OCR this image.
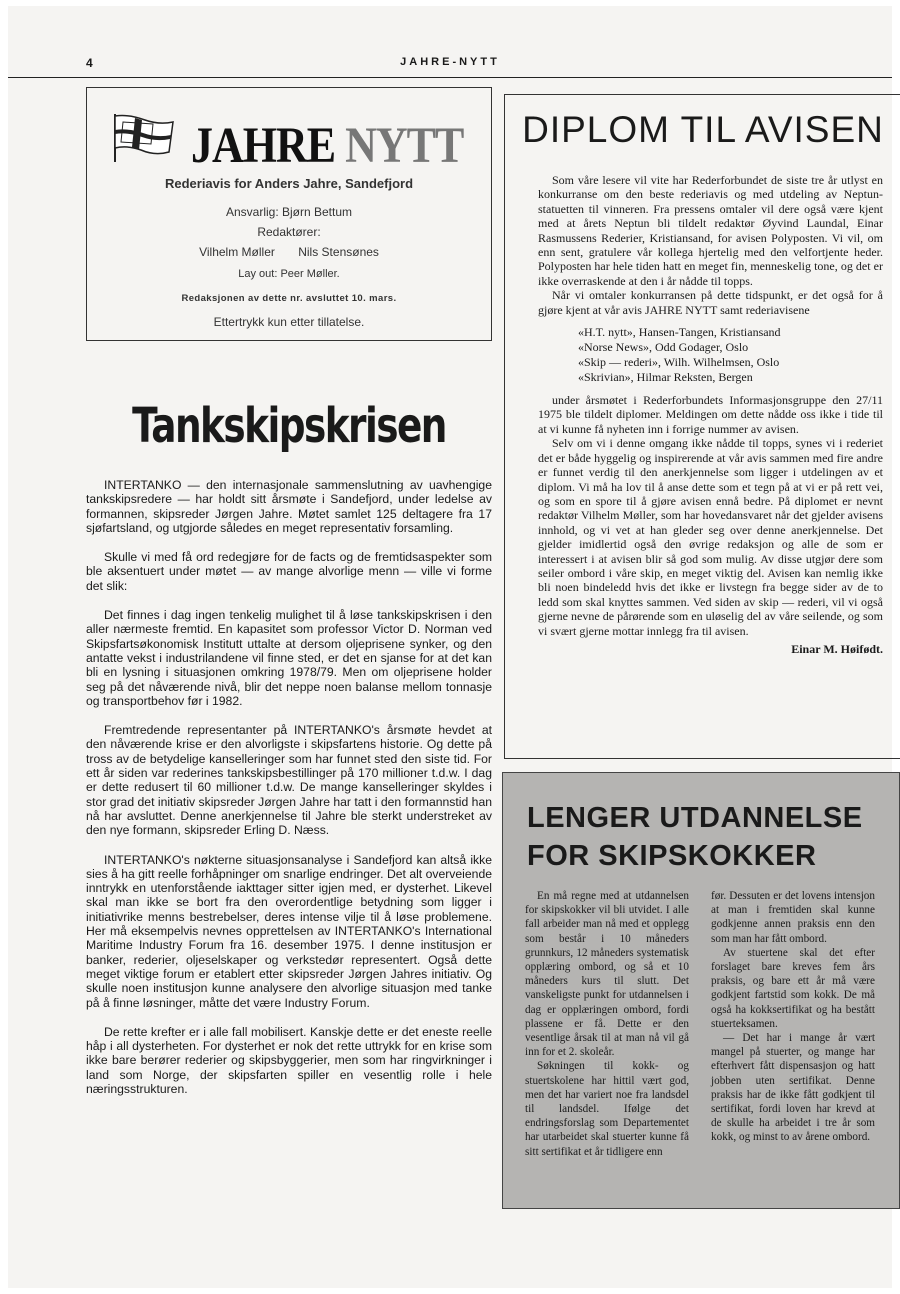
4	JAHRE-NYTT
JAHRE NYTT
Rederiavis for Anders Jahre, Sandefjord
Ansvarlig: Bjørn Bettum
Redaktører:
Vilhelm Møller Nils Stensønes
Lay out: Peer Møller.
Redaksjonen av dette nr. avsluttet 10. mars.
Ettertrykk kun etter tillatelse.
Tankskipskrisen

INTERTANKO — den internasjonale sammenslutning av uavhengige tankskipsredere — har holdt sitt årsmøte i Sandefjord, under ledelse av formannen, skipsreder Jørgen Jahre. Møtet samlet 125 deltagere fra 17 sjøfartsland, og utgjorde således en meget representativ forsamling.

Skulle vi med få ord redegjøre for de facts og de fremtidsaspekter som ble aksentuert under møtet — av mange alvorlige menn — ville vi forme det slik:

Det finnes i dag ingen tenkelig mulighet til å løse tankskipskrisen i den aller nærmeste fremtid. En kapasitet som professor Victor D. Norman ved Skipsfartsøkonomisk Institutt uttalte at dersom oljeprisene synker, og den antatte vekst i industrilandene vil finne sted, er det en sjanse for at det kan bli en lysning i situasjonen omkring 1978/79. Men om oljeprisene holder seg på det nåværende nivå, blir det neppe noen balanse mellom tonnasje og transportbehov før i 1982.

Fremtredende representanter på INTERTANKO's årsmøte hevdet at den nåværende krise er den alvorligste i skipsfartens historie. Og dette på tross av de betydelige kanselleringer som har funnet sted den siste tid. For ett år siden var rederines tankskipsbestillinger på 170 millioner t.d.w. I dag er dette redusert til 60 millioner t.d.w. De mange kanselleringer skyldes i stor grad det initiativ skipsreder Jørgen Jahre har tatt i den formannstid han nå har avsluttet. Denne anerkjennelse til Jahre ble sterkt understreket av den nye formann, skipsreder Erling D. Næss.

INTERTANKO's nøkterne situasjonsanalyse i Sandefjord kan altså ikke sies å ha gitt reelle forhåpninger om snarlige endringer. Det alt overveiende inntrykk en utenforstående iakttager sitter igjen med, er dysterhet. Likevel skal man ikke se bort fra den overordentlige betydning som ligger i initiativrike menns bestrebelser, deres intense vilje til å løse problemene. Her må eksempelvis nevnes opprettelsen av INTERTANKO's International Maritime Industry Forum fra 16. desember 1975. I denne institusjon er banker, rederier, oljeselskaper og verkstedør representert. Også dette meget viktige forum er etablert etter skipsreder Jørgen Jahres initiativ. Og skulle noen institusjon kunne analysere den alvorlige situasjon med tanke på å finne løsninger, måtte det være Industry Forum.

De rette krefter er i alle fall mobilisert. Kanskje dette er det eneste reelle håp i all dysterheten. For dysterhet er nok det rette uttrykk for en krise som ikke bare berører rederier og skipsbyggerier, men som har ringvirkninger i land som Norge, der skipsfarten spiller en vesentlig rolle i hele næringsstrukturen.

DIPLOM TIL AVISEN

Som våre lesere vil vite har Rederforbundet de siste tre år utlyst en konkurranse om den beste rederiavis og med utdeling av Neptun-statuetten til vinneren. Fra pressens omtaler vil dere også være kjent med at årets Neptun bli tildelt redaktør Øyvind Laundal, Einar Rasmussens Rederier, Kristiansand, for avisen Polyposten. Vi vil, om enn sent, gratulere vår kollega hjertelig med den velfortjente heder. Polyposten har hele tiden hatt en meget fin, menneskelig tone, og det er ikke overraskende at den i år nådde til topps.

Når vi omtaler konkurransen på dette tidspunkt, er det også for å gjøre kjent at vår avis JAHRE NYTT samt rederiavisene

«H.T. nytt», Hansen-Tangen, Kristiansand
«Norse News», Odd Godager, Oslo
«Skip — rederi», Wilh. Wilhelmsen, Oslo
«Skrivian», Hilmar Reksten, Bergen

under årsmøtet i Rederforbundets Informasjonsgruppe den 27/11 1975 ble tildelt diplomer. Meldingen om dette nådde oss ikke i tide til at vi kunne få nyheten inn i forrige nummer av avisen.

Selv om vi i denne omgang ikke nådde til topps, synes vi i rederiet det er både hyggelig og inspirerende at vår avis sammen med fire andre er funnet verdig til den anerkjennelse som ligger i utdelingen av et diplom. Vi må ha lov til å anse dette som et tegn på at vi er på rett vei, og som en spore til å gjøre avisen ennå bedre. På diplomet er nevnt redaktør Vilhelm Møller, som har hovedansvaret når det gjelder avisens innhold, og vi vet at han gleder seg over denne anerkjennelse. Det gjelder imidlertid også den øvrige redaksjon og alle de som er interessert i at avisen blir så god som mulig. Av disse utgjør dere som seiler ombord i våre skip, en meget viktig del. Avisen kan nemlig ikke bli noen bindeledd hvis det ikke er livstegn fra begge sider av de to ledd som skal knyttes sammen. Ved siden av skip — rederi, vil vi også gjerne nevne de pårørende som en uløselig del av våre seilende, og som vi svært gjerne mottar innlegg fra til avisen.

Einar M. Høifødt.
LENGER UTDANNELSE
FOR SKIPSKOKKER

En må regne med at utdannelsen for skipskokker vil bli utvidet. I alle fall arbeider man nå med et opplegg som består i 10 måneders grunnkurs, 12 måneders systematisk opplæring ombord, og så et 10 måneders kurs til slutt. Det vanskeligste punkt for utdannelsen i dag er opplæringen ombord, fordi plassene er få. Dette er den vesentlige årsak til at man nå vil gå inn for et 2. skoleår.

Søkningen til kokk- og stuertskolene har hittil vært god, men det har variert noe fra landsdel til landsdel. Ifølge det endringsforslag som Departementet har utarbeidet skal stuerter kunne få sitt sertifikat et år tidligere enn

før. Dessuten er det lovens intensjon at man i fremtiden skal kunne godkjenne annen praksis enn den som man har fått ombord.

Av stuertene skal det efter forslaget bare kreves fem års praksis, og bare ett år må være godkjent fartstid som kokk. De må også ha kokksertifikat og ha bestått stuerteksamen.

— Det har i mange år vært mangel på stuerter, og mange har efterhvert fått dispensasjon og hatt jobben uten sertifikat. Denne praksis har de ikke fått godkjent til sertifikat, fordi loven har krevd at de skulle ha arbeidet i tre år som kokk, og minst to av årene ombord.
